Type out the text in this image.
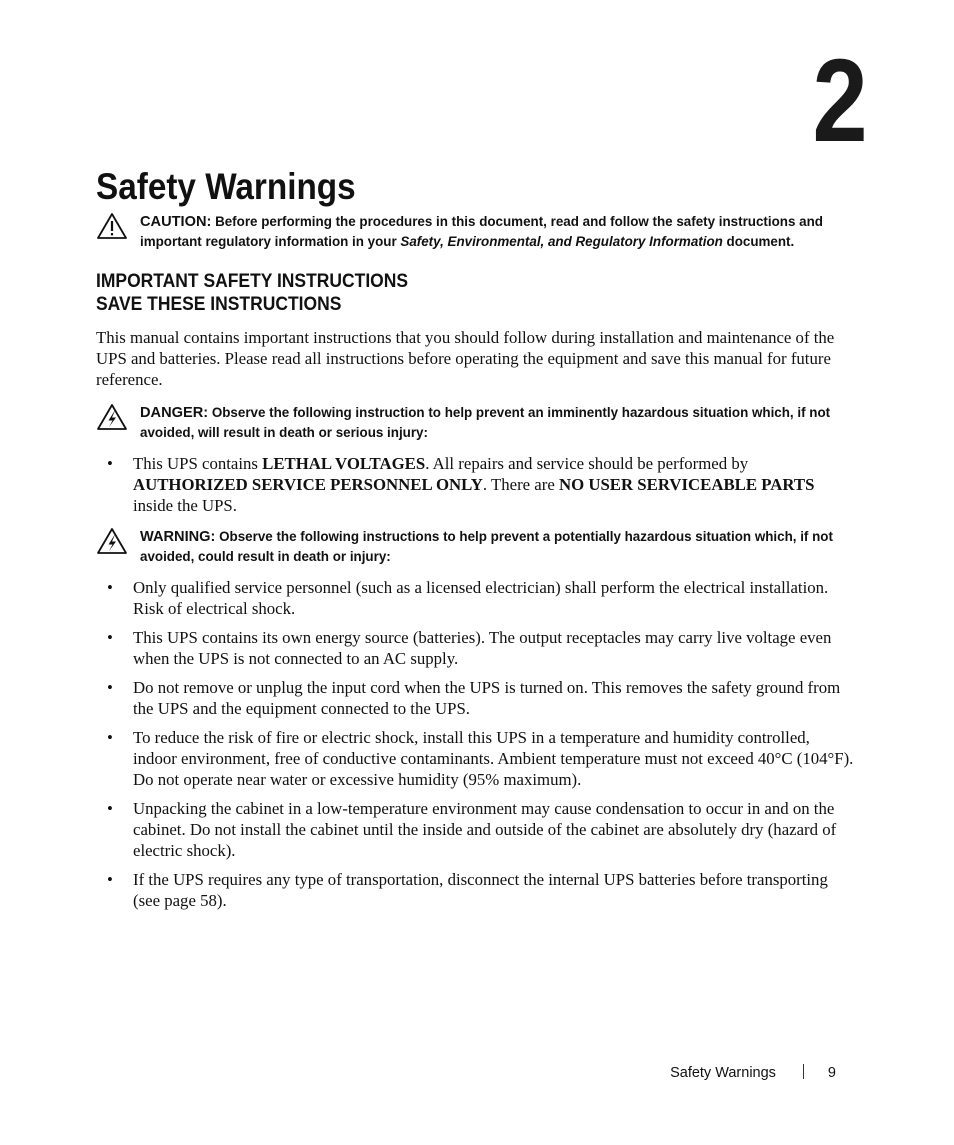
2
Safety Warnings
CAUTION: Before performing the procedures in this document, read and follow the safety instructions and important regulatory information in your Safety, Environmental, and Regulatory Information document.
IMPORTANT SAFETY INSTRUCTIONS
SAVE THESE INSTRUCTIONS

This manual contains important instructions that you should follow during installation and maintenance of the UPS and batteries. Please read all instructions before operating the equipment and save this manual for future reference.

DANGER: Observe the following instruction to help prevent an imminently hazardous situation which, if not avoided, will result in death or serious injury:
• This UPS contains LETHAL VOLTAGES. All repairs and service should be performed by AUTHORIZED SERVICE PERSONNEL ONLY. There are NO USER SERVICEABLE PARTS inside the UPS.
WARNING: Observe the following instructions to help prevent a potentially hazardous situation which, if not avoided, could result in death or injury:
• Only qualified service personnel (such as a licensed electrician) shall perform the electrical installation. Risk of electrical shock.
• This UPS contains its own energy source (batteries). The output receptacles may carry live voltage even when the UPS is not connected to an AC supply.
• Do not remove or unplug the input cord when the UPS is turned on. This removes the safety ground from the UPS and the equipment connected to the UPS.
• To reduce the risk of fire or electric shock, install this UPS in a temperature and humidity controlled, indoor environment, free of conductive contaminants. Ambient temperature must not exceed 40°C (104°F). Do not operate near water or excessive humidity (95% maximum).
• Unpacking the cabinet in a low-temperature environment may cause condensation to occur in and on the cabinet. Do not install the cabinet until the inside and outside of the cabinet are absolutely dry (hazard of electric shock).
• If the UPS requires any type of transportation, disconnect the internal UPS batteries before transporting (see page 58).
Safety Warnings	9
